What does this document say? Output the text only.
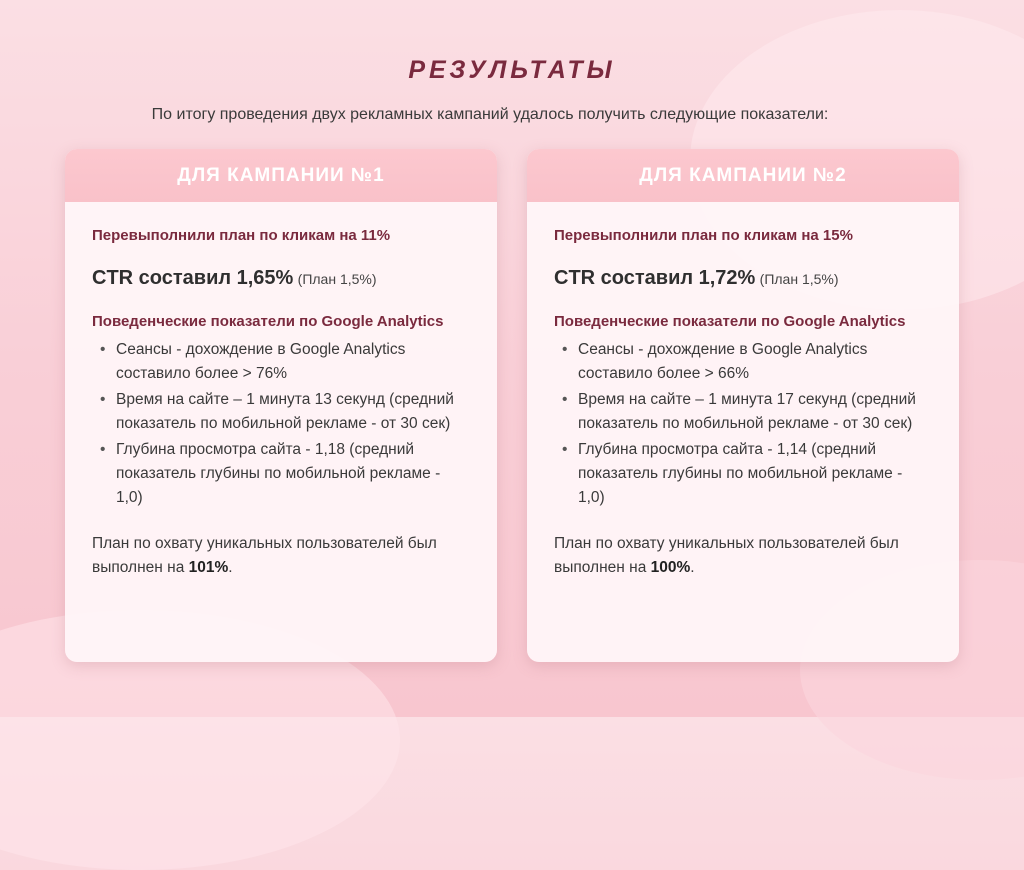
РЕЗУЛЬТАТЫ

По итогу проведения двух рекламных кампаний удалось получить следующие показатели:

ДЛЯ КАМПАНИИ №1

Перевыполнили план по кликам на 11%

CTR составил 1,65% (План 1,5%)

Поведенческие показатели по Google Analytics

• Сеансы - дохождение в Google Analytics составило более > 76%
• Время на сайте – 1 минута 13 секунд (средний показатель по мобильной рекламе - от 30 сек)
• Глубина просмотра сайта - 1,18 (средний показатель глубины по мобильной рекламе - 1,0)

План по охвату уникальных пользователей был выполнен на 101%.

ДЛЯ КАМПАНИИ №2

Перевыполнили план по кликам на 15%

CTR составил 1,72% (План 1,5%)

Поведенческие показатели по Google Analytics

• Сеансы - дохождение в Google Analytics составило более > 66%
• Время на сайте – 1 минута 17 секунд (средний показатель по мобильной рекламе - от 30 сек)
• Глубина просмотра сайта - 1,14 (средний показатель глубины по мобильной рекламе - 1,0)

План по охвату уникальных пользователей был выполнен на 100%.
